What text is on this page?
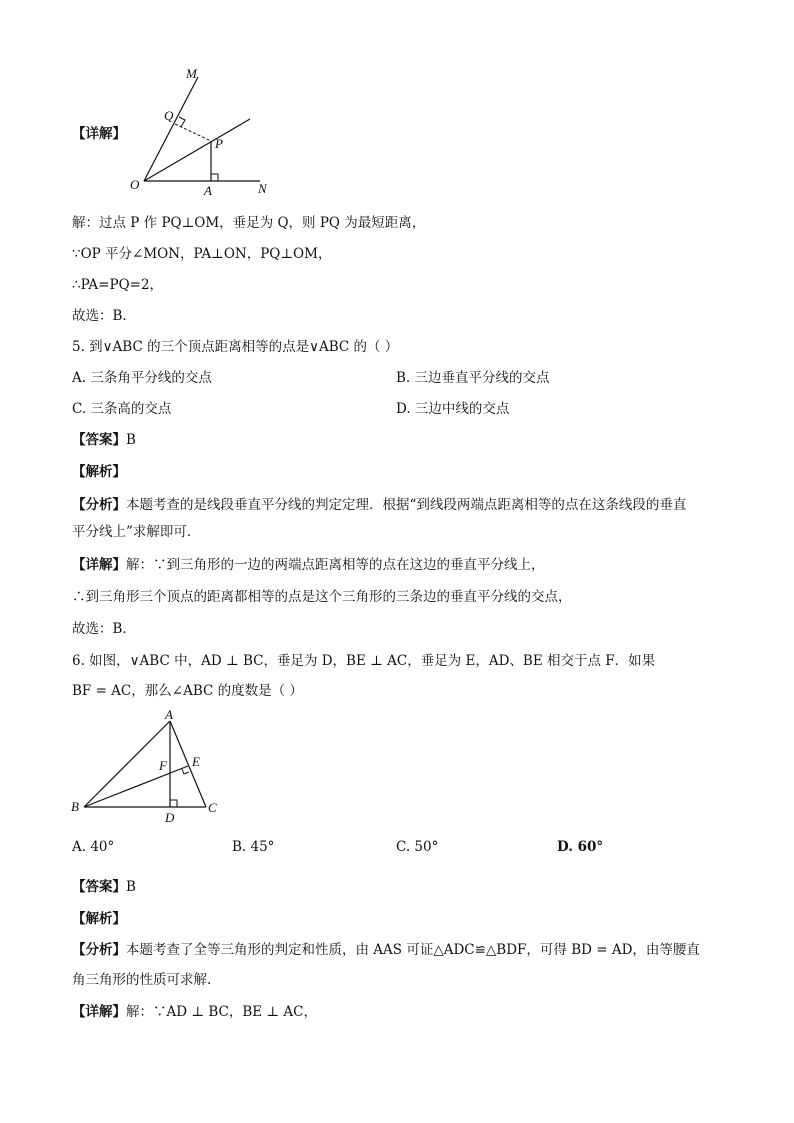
M
Q
P
O	A	N
【详解】
解：过点 P 作 PQ⊥OM，垂足为 Q，则 PQ 为最短距离，
∵OP 平分∠MON，PA⊥ON，PQ⊥OM，
∴PA=PQ=2，
故选：B．
5. 到∨ABC 的三个顶点距离相等的点是∨ABC 的（ ）
A. 三条角平分线的交点	B. 三边垂直平分线的交点
C. 三条高的交点	D. 三边中线的交点
【答案】B
【解析】
【分析】本题考查的是线段垂直平分线的判定定理．根据“到线段两端点距离相等的点在这条线段的垂直
平分线上”求解即可．
【详解】解：∵到三角形的一边的两端点距离相等的点在这边的垂直平分线上，
∴到三角形三个顶点的距离都相等的点是这个三角形的三条边的垂直平分线的交点，
故选：B．
6. 如图，∨ABC 中，AD ⊥ BC，垂足为 D，BE ⊥ AC，垂足为 E，AD、BE 相交于点 F．如果
BF = AC，那么∠ABC 的度数是（ ）
A
B	C
D
E
F
A. 40°	B. 45°	C. 50°	D. 60°
【答案】B
【解析】
【分析】本题考查了全等三角形的判定和性质，由 AAS 可证△ADC≌△BDF，可得 BD = AD，由等腰直
角三角形的性质可求解.
【详解】解：∵AD ⊥ BC，BE ⊥ AC，
